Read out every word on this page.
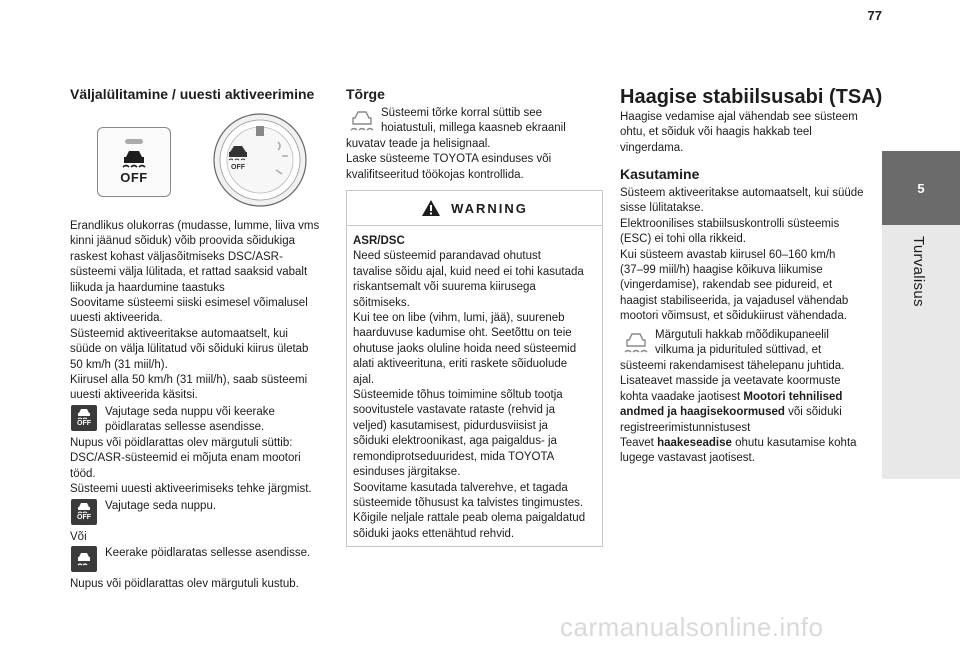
77
5
Turvalisus
Väljalülitamine / uuesti aktiveerimine
OFF
OFF

Erandlikus olukorras (mudasse, lumme, liiva vms

kinni jäänud sõiduk) võib proovida sõidukiga

raskest kohast väljasõitmiseks DSC/ASR-

süsteemi välja lülitada, et rattad saaksid vabalt

liikuda ja haardumine taastuks

Soovitame süsteemi siiski esimesel võimalusel

uuesti aktiveerida.

Süsteemid aktiveeritakse automaatselt, kui

süüde on välja lülitatud või sõiduki kiirus ületab

50 km/h (31 miil/h).

Kiirusel alla 50 km/h (31 miil/h), saab süsteemi

uuesti aktiveerida käsitsi.

OFF

Vajutage seda nuppu või keerake

pöidlaratas sellesse asendisse.

Nupus või pöidlarattas olev märgutuli süttib:

DSC/ASR-süsteemid ei mõjuta enam mootori

tööd.

Süsteemi uuesti aktiveerimiseks tehke järgmist.

OFF
Vajutage seda nuppu.
Või
Keerake pöidlaratas sellesse asendisse.
Nupus või pöidlarattas olev märgutuli kustub.
Tõrge

Süsteemi tõrke korral süttib see

hoiatustuli, millega kaasneb ekraanil

kuvatav teade ja helisignaal.

Laske süsteeme TOYOTA esinduses või

kvalifitseeritud töökojas kontrollida.

WARNING

ASR/DSC

Need süsteemid parandavad ohutust

tavalise sõidu ajal, kuid need ei tohi kasutada

riskantsemalt või suurema kiirusega

sõitmiseks.

Kui tee on libe (vihm, lumi, jää), suureneb

haarduvuse kadumise oht. Seetõttu on teie

ohutuse jaoks oluline hoida need süsteemid

alati aktiveerituna, eriti raskete sõiduolude

ajal.

Süsteemide tõhus toimimine sõltub tootja

soovitustele vastavate rataste (rehvid ja

veljed) kasutamisest, pidurdusviisist ja

sõiduki elektroonikast, aga paigaldus- ja

remondiprotseduuridest, mida TOYOTA

esinduses järgitakse.

Soovitame kasutada talverehve, et tagada

süsteemide tõhusust ka talvistes tingimustes.

Kõigile neljale rattale peab olema paigaldatud

sõiduki jaoks ettenähtud rehvid.

Haagise stabiilsusabi (TSA)

Haagise vedamise ajal vähendab see süsteem

ohtu, et sõiduk või haagis hakkab teel

vingerdama.

Kasutamine

Süsteem aktiveeritakse automaatselt, kui süüde

sisse lülitatakse.

Elektroonilises stabiilsuskontrolli süsteemis

(ESC) ei tohi olla rikkeid.

Kui süsteem avastab kiirusel 60–160 km/h

(37–99 miil/h) haagise kõikuva liikumise

(vingerdamise), rakendab see pidureid, et

haagist stabiliseerida, ja vajadusel vähendab

mootori võimsust, et sõidukiirust vähendada.

Märgutuli hakkab mõõdikupaneelil

vilkuma ja pidurituled süttivad, et

süsteemi rakendamisest tähelepanu juhtida.

Lisateavet masside ja veetavate koormuste

kohta vaadake jaotisest Mootori tehnilised

andmed ja haagisekoormused või sõiduki

registreerimistunnistusest

Teavet haakeseadise ohutu kasutamise kohta

lugege vastavast jaotisest.

carmanualsonline.info
